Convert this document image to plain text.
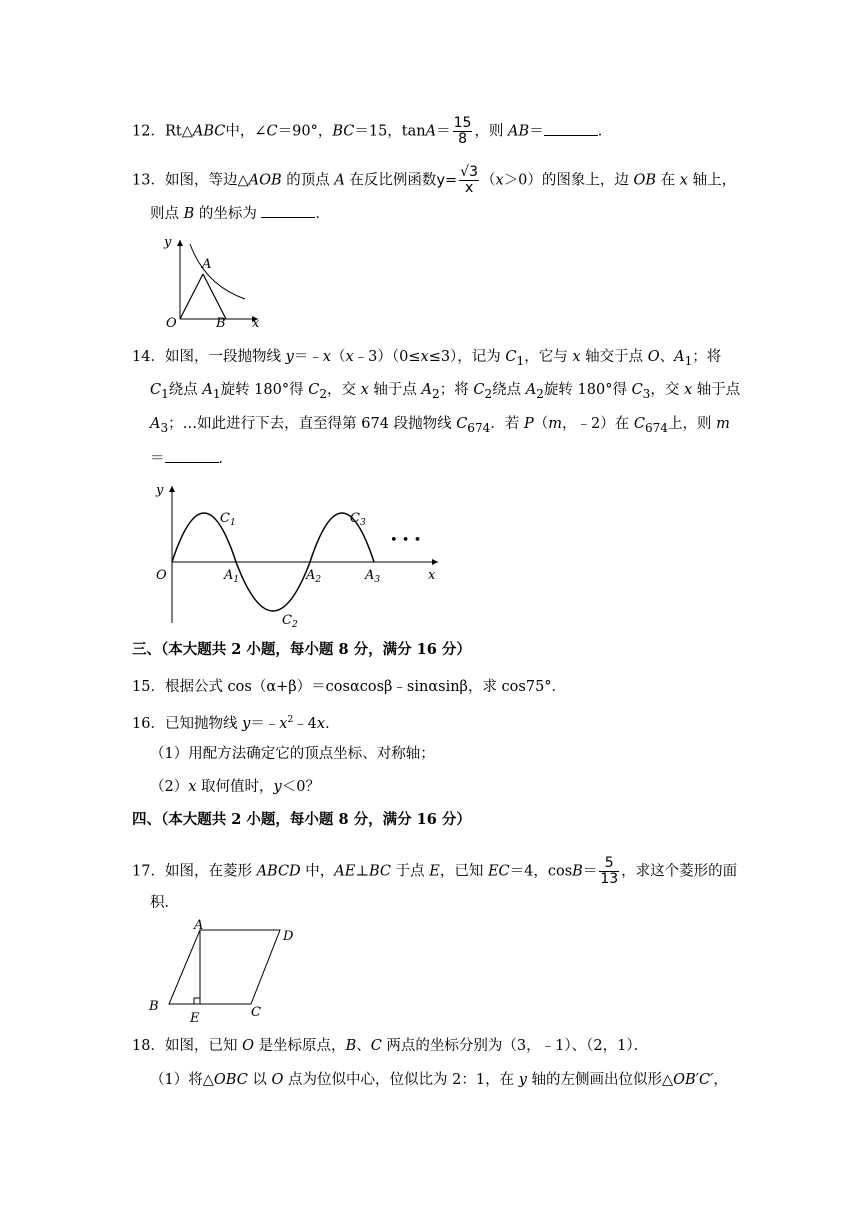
12．Rt△ABC中，∠C＝90°，BC＝15，$\tan A= \frac{15}{8}$ ，则 AB＝	．
13．如图，等边△AOB 的顶点 A 在反比例函数$y= \frac{√3}{x} (x>0)$的图象上，边 OB 在 x 轴上，
则点 B 的坐标为	．
y
x
O
A
B
14．如图，一段抛物线 y＝﹣x（x﹣3）（0≤x≤3），记为 $C_1$，它与 x 轴交于点 O、$A_1$；将
$C_1$绕点 $A_1$旋转 180°得 $C_2$，交 x 轴于点 $A_2$；将 $C_2$绕点 $A_2$旋转 180°得 $C_3$，交 x 轴于点
$A_3$；…如此进行下去，直至得第 674 段抛物线 $C_{674}$．若 P（m，﹣2）在 $C_{674}$上，则 m
＝	．
y
x
O	$A_1$	$A_2$	$A_3$
$C_1$
$C_2$
$C_3$
• • •
三、（本大题共 2 小题，每小题 8 分，满分 16 分）
15．根据公式 cos（α+β）＝cosαcosβ﹣sinαsinβ，求 cos75°．
16．已知抛物线 $y=﹣x^2﹣4x$．
（1）用配方法确定它的顶点坐标、对称轴；
（2）x 取何值时，y＜0？
四、（本大题共 2 小题，每小题 8 分，满分 16 分）
17．如图，在菱形 ABCD 中，AE⊥BC 于点 E，已知 EC＝4，$\cos B= \frac{5}{13}$ ，求这个菱形的面
积．
A
D
B	C
E
18．如图，已知 O 是坐标原点，B、C 两点的坐标分别为（3，﹣1）、（2，1）．
（1）将△OBC 以 O 点为位似中心，位似比为 2：1，在 y 轴的左侧画出位似形△OB′C′，
